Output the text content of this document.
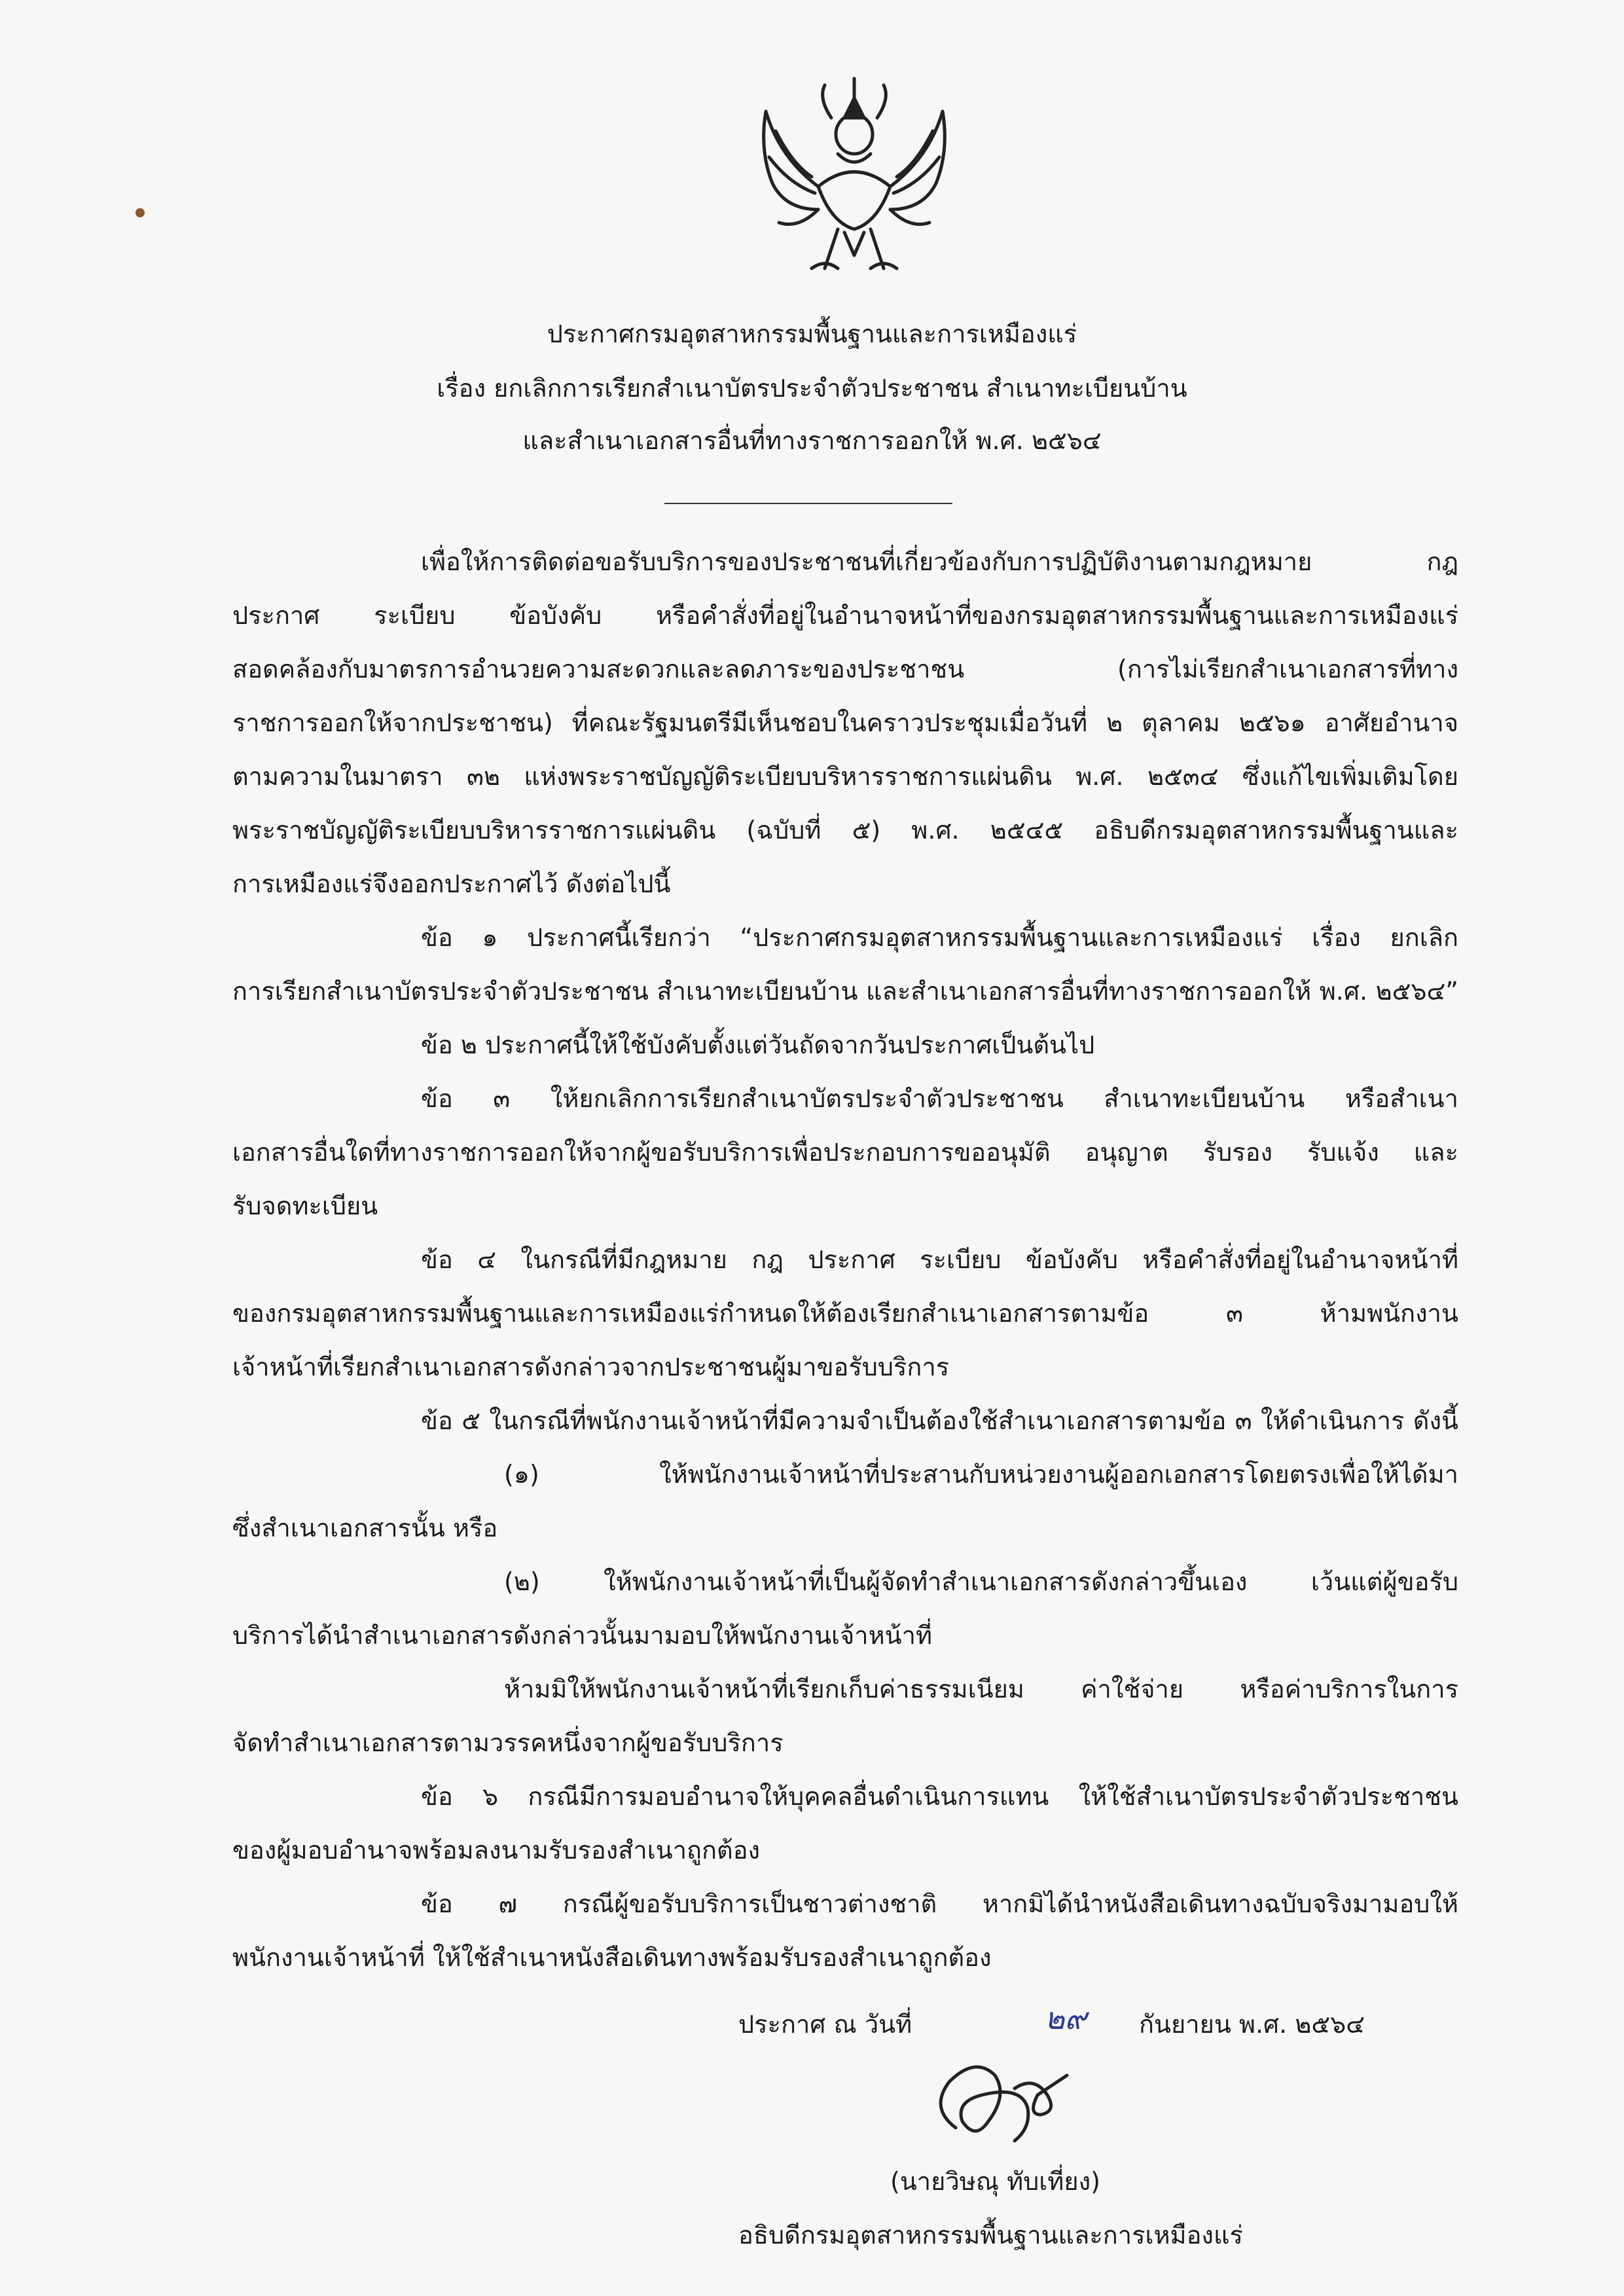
ประกาศกรมอุตสาหกรรมพื้นฐานและการเหมืองแร่
เรื่อง ยกเลิกการเรียกสำเนาบัตรประจำตัวประชาชน สำเนาทะเบียนบ้าน
และสำเนาเอกสารอื่นที่ทางราชการออกให้ พ.ศ. ๒๕๖๔
เพื่อให้การติดต่อขอรับบริการของประชาชนที่เกี่ยวข้องกับการปฏิบัติงานตามกฎหมาย กฎ
ประกาศ ระเบียบ ข้อบังคับ หรือคำสั่งที่อยู่ในอำนาจหน้าที่ของกรมอุตสาหกรรมพื้นฐานและการเหมืองแร่
สอดคล้องกับมาตรการอำนวยความสะดวกและลดภาระของประชาชน (การไม่เรียกสำเนาเอกสารที่ทาง
ราชการออกให้จากประชาชน) ที่คณะรัฐมนตรีมีเห็นชอบในคราวประชุมเมื่อวันที่ ๒ ตุลาคม ๒๕๖๑ อาศัยอำนาจ
ตามความในมาตรา ๓๒ แห่งพระราชบัญญัติระเบียบบริหารราชการแผ่นดิน พ.ศ. ๒๕๓๔ ซึ่งแก้ไขเพิ่มเติมโดย
พระราชบัญญัติระเบียบบริหารราชการแผ่นดิน (ฉบับที่ ๕) พ.ศ. ๒๕๔๕ อธิบดีกรมอุตสาหกรรมพื้นฐานและ
การเหมืองแร่จึงออกประกาศไว้ ดังต่อไปนี้
ข้อ ๑ ประกาศนี้เรียกว่า “ประกาศกรมอุตสาหกรรมพื้นฐานและการเหมืองแร่ เรื่อง ยกเลิก
การเรียกสำเนาบัตรประจำตัวประชาชน สำเนาทะเบียนบ้าน และสำเนาเอกสารอื่นที่ทางราชการออกให้ พ.ศ. ๒๕๖๔”
ข้อ ๒ ประกาศนี้ให้ใช้บังคับตั้งแต่วันถัดจากวันประกาศเป็นต้นไป
ข้อ ๓ ให้ยกเลิกการเรียกสำเนาบัตรประจำตัวประชาชน สำเนาทะเบียนบ้าน หรือสำเนา
เอกสารอื่นใดที่ทางราชการออกให้จากผู้ขอรับบริการเพื่อประกอบการขออนุมัติ อนุญาต รับรอง รับแจ้ง และ
รับจดทะเบียน
ข้อ ๔ ในกรณีที่มีกฎหมาย กฎ ประกาศ ระเบียบ ข้อบังคับ หรือคำสั่งที่อยู่ในอำนาจหน้าที่
ของกรมอุตสาหกรรมพื้นฐานและการเหมืองแร่กำหนดให้ต้องเรียกสำเนาเอกสารตามข้อ ๓ ห้ามพนักงาน
เจ้าหน้าที่เรียกสำเนาเอกสารดังกล่าวจากประชาชนผู้มาขอรับบริการ
ข้อ ๕ ในกรณีที่พนักงานเจ้าหน้าที่มีความจำเป็นต้องใช้สำเนาเอกสารตามข้อ ๓ ให้ดำเนินการ ดังนี้
(๑) ให้พนักงานเจ้าหน้าที่ประสานกับหน่วยงานผู้ออกเอกสารโดยตรงเพื่อให้ได้มา
ซึ่งสำเนาเอกสารนั้น หรือ
(๒) ให้พนักงานเจ้าหน้าที่เป็นผู้จัดทำสำเนาเอกสารดังกล่าวขึ้นเอง เว้นแต่ผู้ขอรับ
บริการได้นำสำเนาเอกสารดังกล่าวนั้นมามอบให้พนักงานเจ้าหน้าที่
ห้ามมิให้พนักงานเจ้าหน้าที่เรียกเก็บค่าธรรมเนียม ค่าใช้จ่าย หรือค่าบริการในการ
จัดทำสำเนาเอกสารตามวรรคหนึ่งจากผู้ขอรับบริการ
ข้อ ๖ กรณีมีการมอบอำนาจให้บุคคลอื่นดำเนินการแทน ให้ใช้สำเนาบัตรประจำตัวประชาชน
ของผู้มอบอำนาจพร้อมลงนามรับรองสำเนาถูกต้อง
ข้อ ๗ กรณีผู้ขอรับบริการเป็นชาวต่างชาติ หากมิได้นำหนังสือเดินทางฉบับจริงมามอบให้
พนักงานเจ้าหน้าที่ ให้ใช้สำเนาหนังสือเดินทางพร้อมรับรองสำเนาถูกต้อง
ประกาศ ณ วันที่	๒๙ กันยายน พ.ศ. ๒๕๖๔
(นายวิษณุ ทับเที่ยง)
อธิบดีกรมอุตสาหกรรมพื้นฐานและการเหมืองแร่
